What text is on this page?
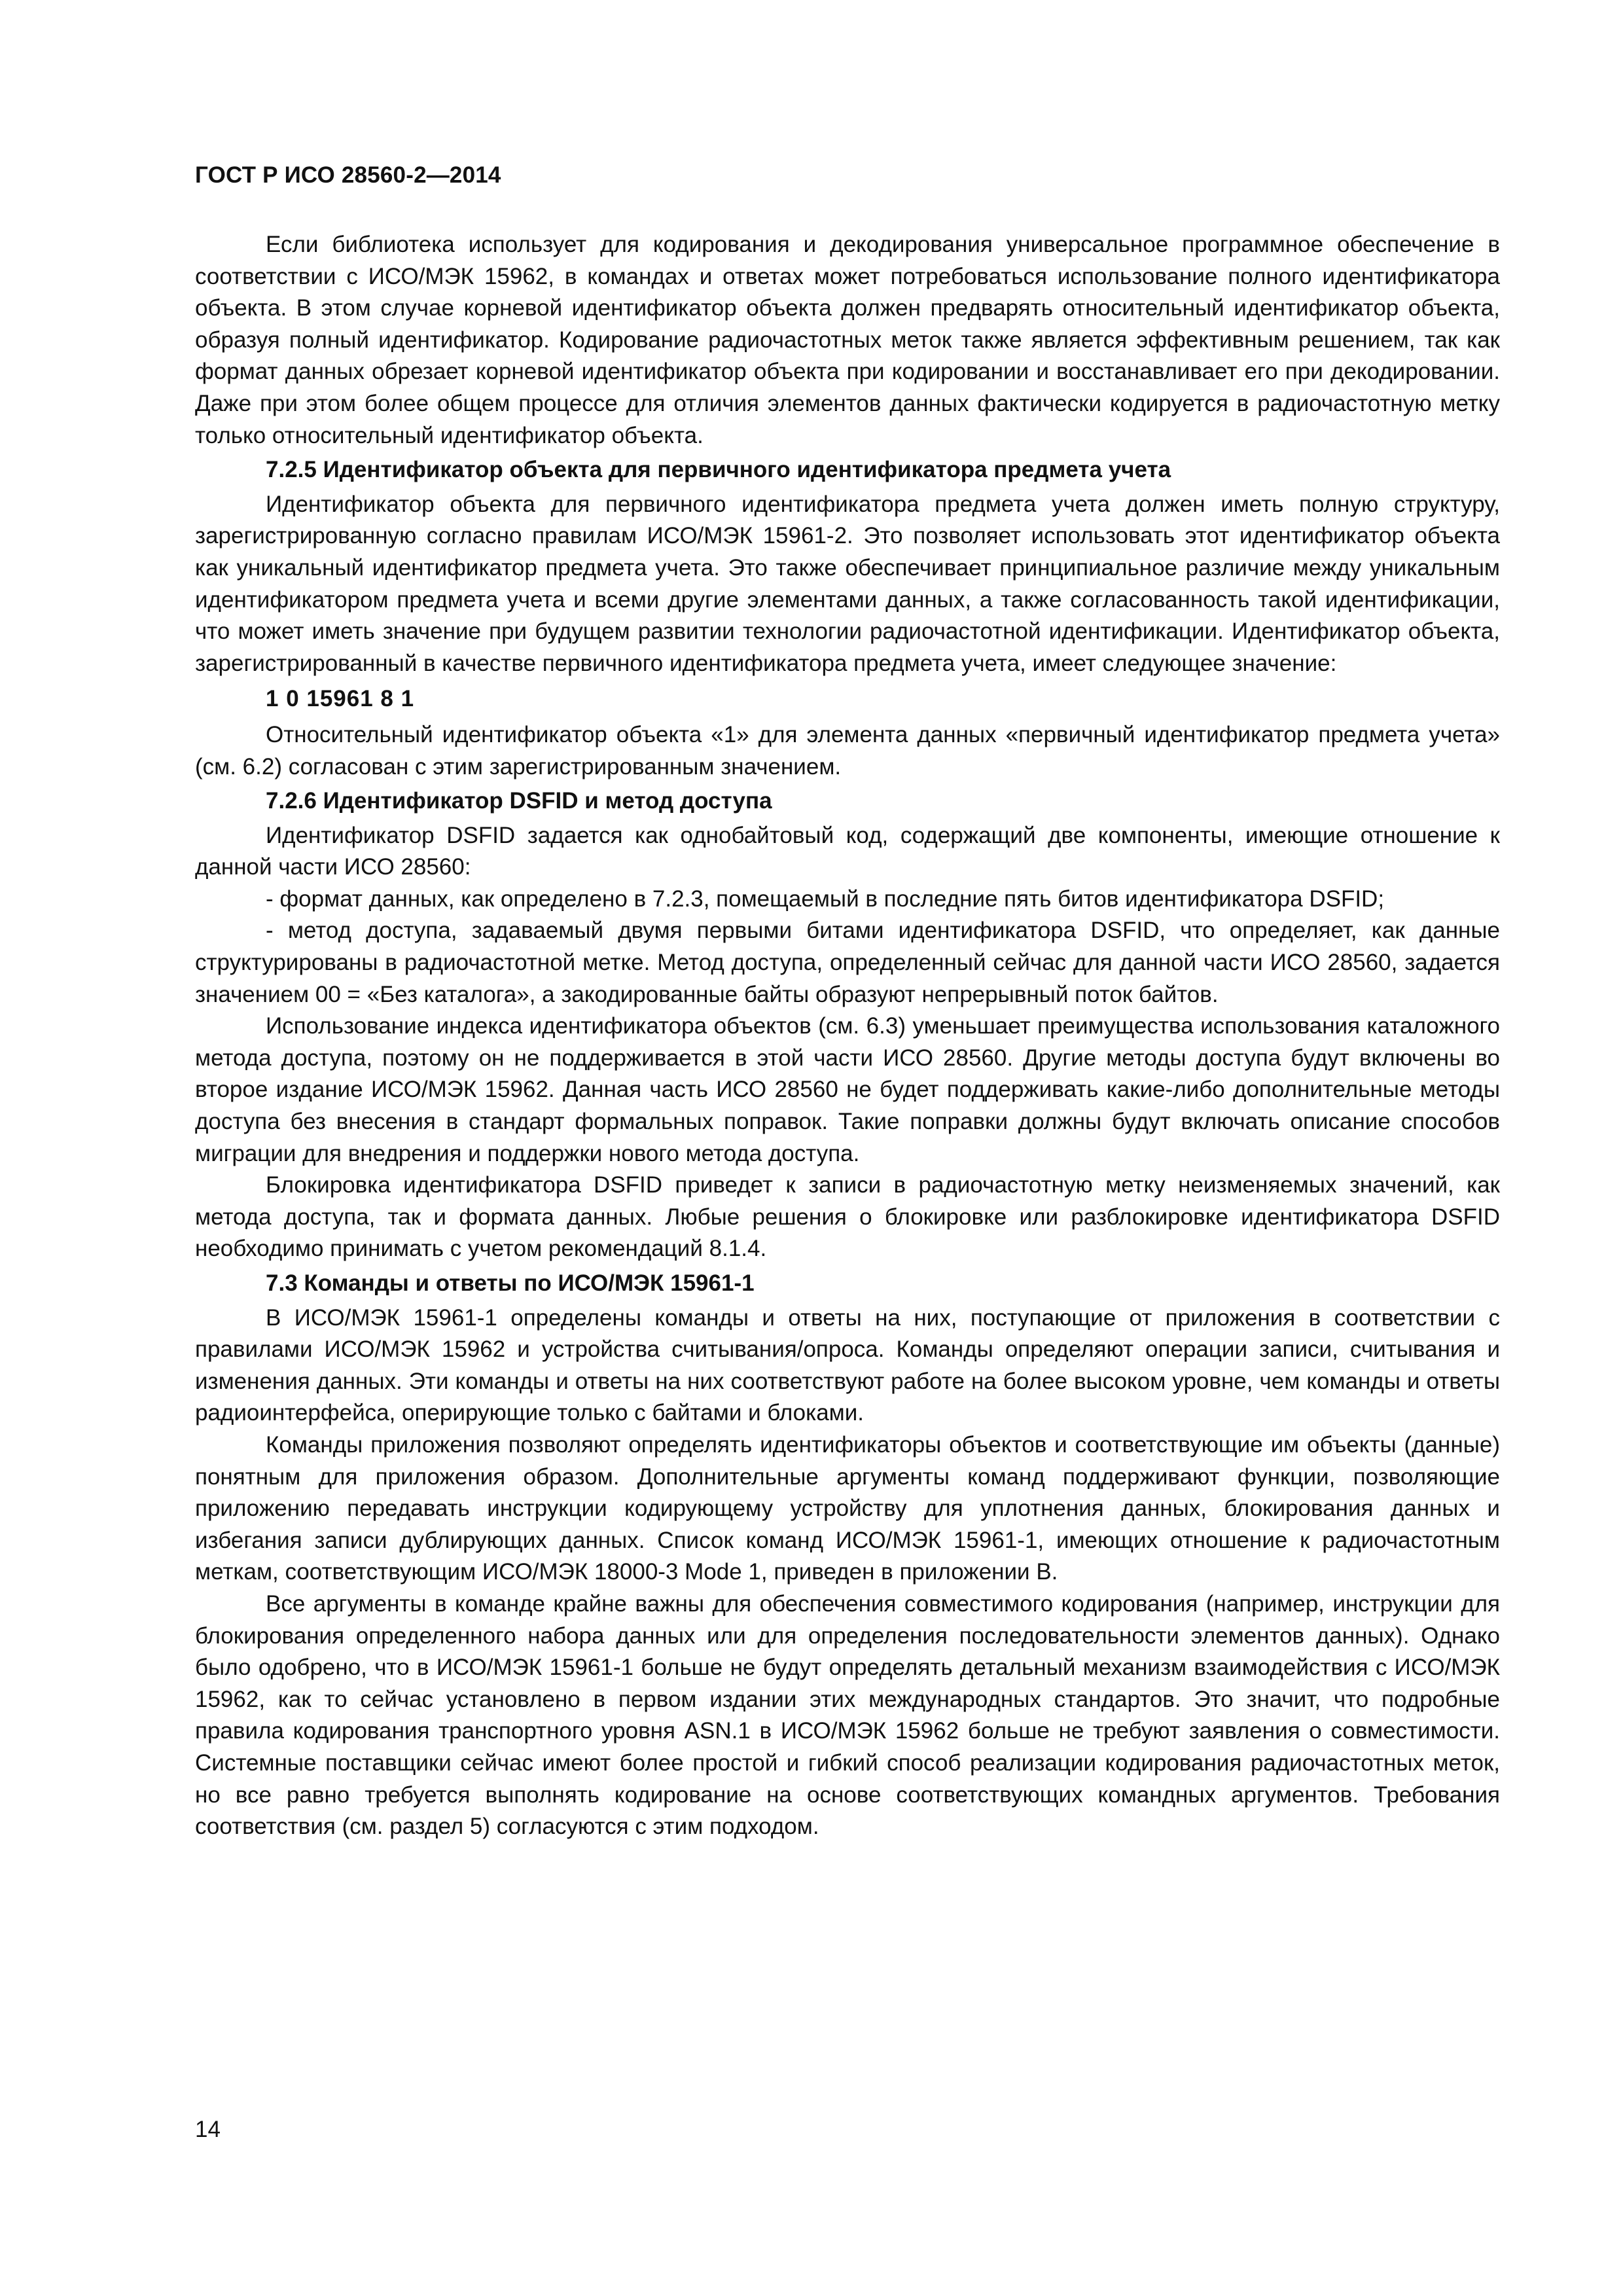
ГОСТ Р ИСО 28560-2—2014

Если библиотека использует для кодирования и декодирования универсальное программное обеспечение в соответствии с ИСО/МЭК 15962, в командах и ответах может потребоваться использование полного идентификатора объекта. В этом случае корневой идентификатор объекта должен предварять относительный идентификатор объекта, образуя полный идентификатор. Кодирование радиочастотных меток также является эффективным решением, так как формат данных обрезает корневой идентификатор объекта при кодировании и восстанавливает его при декодировании. Даже при этом более общем процессе для отличия элементов данных фактически кодируется в радиочастотную метку только относительный идентификатор объекта.

7.2.5 Идентификатор объекта для первичного идентификатора предмета учета

Идентификатор объекта для первичного идентификатора предмета учета должен иметь полную структуру, зарегистрированную согласно правилам ИСО/МЭК 15961-2. Это позволяет использовать этот идентификатор объекта как уникальный идентификатор предмета учета. Это также обеспечивает принципиальное различие между уникальным идентификатором предмета учета и всеми другие элементами данных, а также согласованность такой идентификации, что может иметь значение при будущем развитии технологии радиочастотной идентификации. Идентификатор объекта, зарегистрированный в качестве первичного идентификатора предмета учета, имеет следующее значение:

1 0 15961 8 1

Относительный идентификатор объекта «1» для элемента данных «первичный идентификатор предмета учета» (см. 6.2) согласован с этим зарегистрированным значением.

7.2.6 Идентификатор DSFID и метод доступа

Идентификатор DSFID задается как однобайтовый код, содержащий две компоненты, имеющие отношение к данной части ИСО 28560:

- формат данных, как определено в 7.2.3, помещаемый в последние пять битов идентификатора DSFID;

- метод доступа, задаваемый двумя первыми битами идентификатора DSFID, что определяет, как данные структурированы в радиочастотной метке. Метод доступа, определенный сейчас для данной части ИСО 28560, задается значением 00 = «Без каталога», а закодированные байты образуют непрерывный поток байтов.

Использование индекса идентификатора объектов (см. 6.3) уменьшает преимущества использования каталожного метода доступа, поэтому он не поддерживается в этой части ИСО 28560. Другие методы доступа будут включены во второе издание ИСО/МЭК 15962. Данная часть ИСО 28560 не будет поддерживать какие-либо дополнительные методы доступа без внесения в стандарт формальных поправок. Такие поправки должны будут включать описание способов миграции для внедрения и поддержки нового метода доступа.

Блокировка идентификатора DSFID приведет к записи в радиочастотную метку неизменяемых значений, как метода доступа, так и формата данных. Любые решения о блокировке или разблокировке идентификатора DSFID необходимо принимать с учетом рекомендаций 8.1.4.

7.3 Команды и ответы по ИСО/МЭК 15961-1

В ИСО/МЭК 15961-1 определены команды и ответы на них, поступающие от приложения в соответствии с правилами ИСО/МЭК 15962 и устройства считывания/опроса. Команды определяют операции записи, считывания и изменения данных. Эти команды и ответы на них соответствуют работе на более высоком уровне, чем команды и ответы радиоинтерфейса, оперирующие только с байтами и блоками.

Команды приложения позволяют определять идентификаторы объектов и соответствующие им объекты (данные) понятным для приложения образом. Дополнительные аргументы команд поддерживают функции, позволяющие приложению передавать инструкции кодирующему устройству для уплотнения данных, блокирования данных и избегания записи дублирующих данных. Список команд ИСО/МЭК 15961-1, имеющих отношение к радиочастотным меткам, соответствующим ИСО/МЭК 18000-3 Mode 1, приведен в приложении В.

Все аргументы в команде крайне важны для обеспечения совместимого кодирования (например, инструкции для блокирования определенного набора данных или для определения последовательности элементов данных). Однако было одобрено, что в ИСО/МЭК 15961-1 больше не будут определять детальный механизм взаимодействия с ИСО/МЭК 15962, как то сейчас установлено в первом издании этих международных стандартов. Это значит, что подробные правила кодирования транспортного уровня ASN.1 в ИСО/МЭК 15962 больше не требуют заявления о совместимости. Системные поставщики сейчас имеют более простой и гибкий способ реализации кодирования радиочастотных меток, но все равно требуется выполнять кодирование на основе соответствующих командных аргументов. Требования соответствия (см. раздел 5) согласуются с этим подходом.

14
